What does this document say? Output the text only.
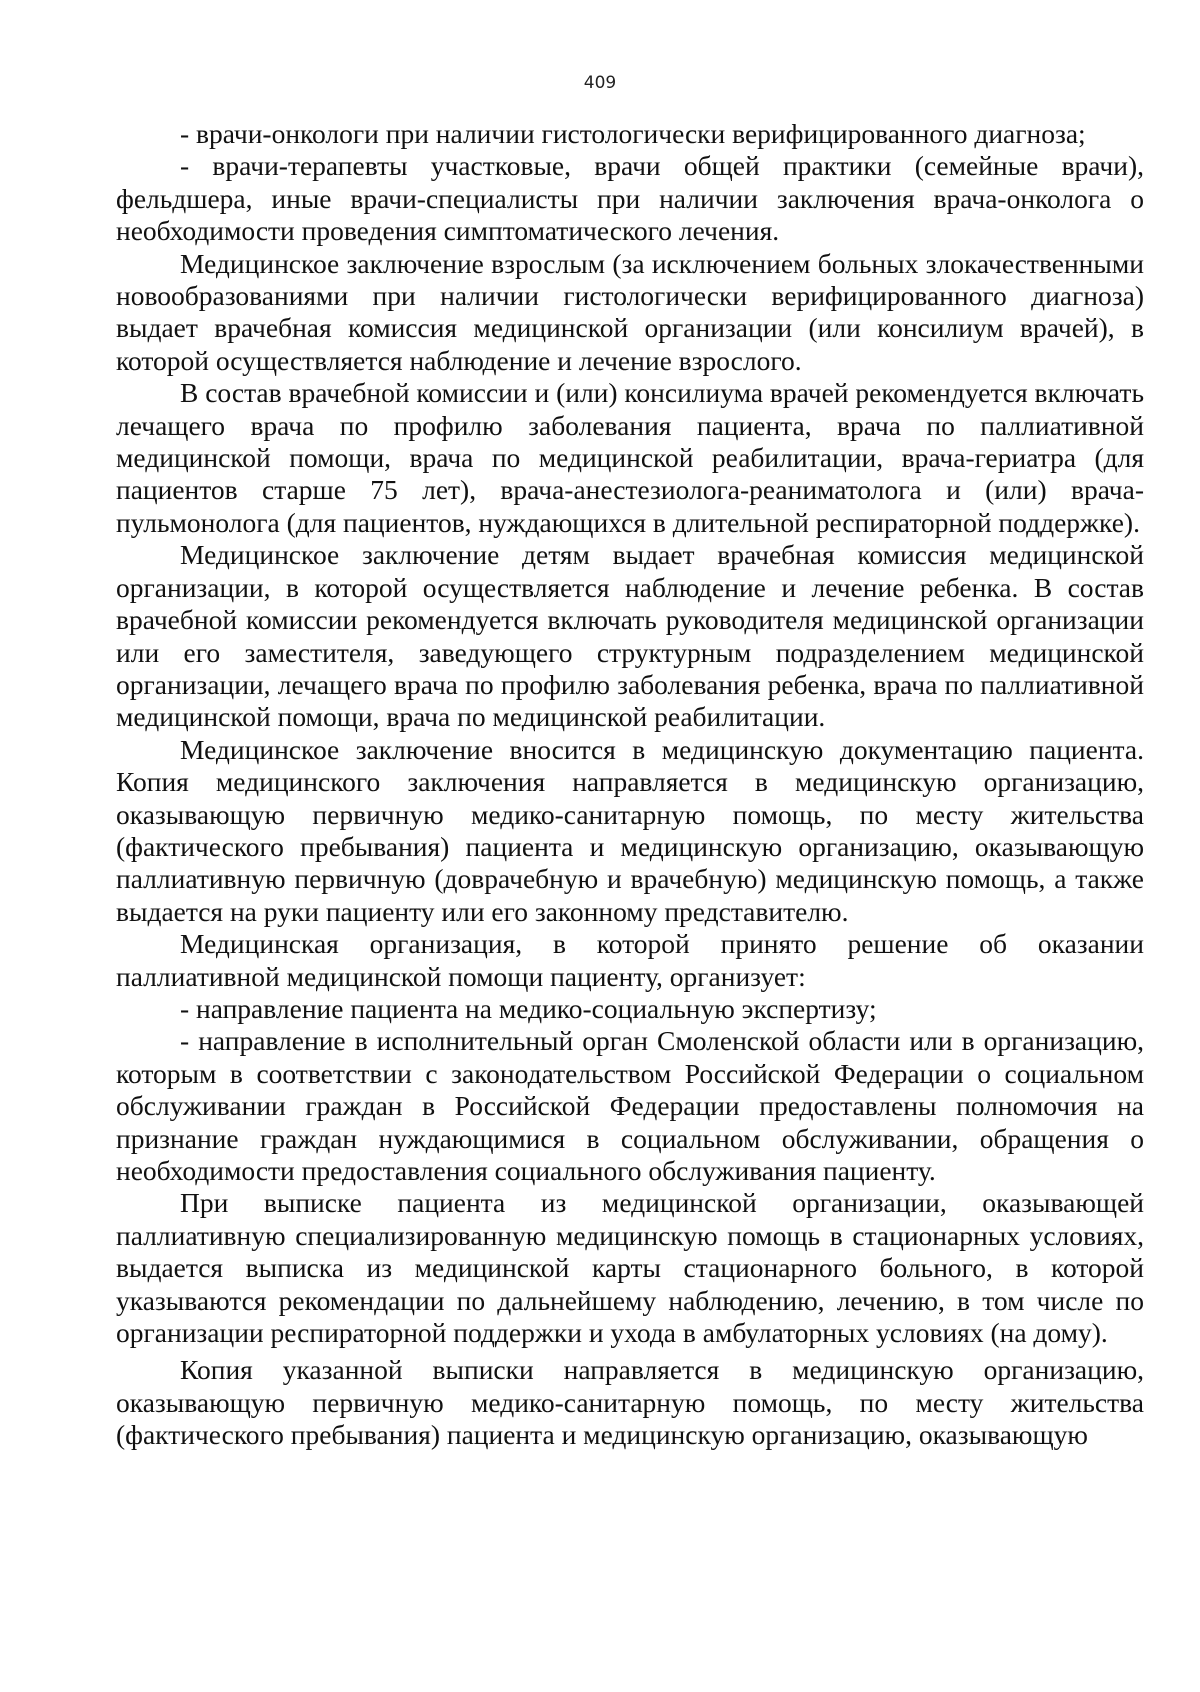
409

- врачи-онкологи при наличии гистологически верифицированного диагноза;

- врачи-терапевты участковые, врачи общей практики (семейные врачи), фельдшера, иные врачи-специалисты при наличии заключения врача-онколога о необходимости проведения симптоматического лечения.

Медицинское заключение взрослым (за исключением больных злокачественными новообразованиями при наличии гистологически верифицированного диагноза) выдает врачебная комиссия медицинской организации (или консилиум врачей), в которой осуществляется наблюдение и лечение взрослого.

В состав врачебной комиссии и (или) консилиума врачей рекомендуется включать лечащего врача по профилю заболевания пациента, врача по паллиативной медицинской помощи, врача по медицинской реабилитации, врача-гериатра (для пациентов старше 75 лет), врача-анестезиолога-реаниматолога и (или) врача-пульмонолога (для пациентов, нуждающихся в длительной респираторной поддержке).

Медицинское заключение детям выдает врачебная комиссия медицинской организации, в которой осуществляется наблюдение и лечение ребенка. В состав врачебной комиссии рекомендуется включать руководителя медицинской организации или его заместителя, заведующего структурным подразделением медицинской организации, лечащего врача по профилю заболевания ребенка, врача по паллиативной медицинской помощи, врача по медицинской реабилитации.

Медицинское заключение вносится в медицинскую документацию пациента. Копия медицинского заключения направляется в медицинскую организацию, оказывающую первичную медико-санитарную помощь, по месту жительства (фактического пребывания) пациента и медицинскую организацию, оказывающую паллиативную первичную (доврачебную и врачебную) медицинскую помощь, а также выдается на руки пациенту или его законному представителю.

Медицинская организация, в которой принято решение об оказании паллиативной медицинской помощи пациенту, организует:

- направление пациента на медико-социальную экспертизу;

- направление в исполнительный орган Смоленской области или в организацию, которым в соответствии с законодательством Российской Федерации о социальном обслуживании граждан в Российской Федерации предоставлены полномочия на признание граждан нуждающимися в социальном обслуживании, обращения о необходимости предоставления социального обслуживания пациенту.

При выписке пациента из медицинской организации, оказывающей паллиативную специализированную медицинскую помощь в стационарных условиях, выдается выписка из медицинской карты стационарного больного, в которой указываются рекомендации по дальнейшему наблюдению, лечению, в том числе по организации респираторной поддержки и ухода в амбулаторных условиях (на дому).

Копия указанной выписки направляется в медицинскую организацию, оказывающую первичную медико-санитарную помощь, по месту жительства (фактического пребывания) пациента и медицинскую организацию, оказывающую
